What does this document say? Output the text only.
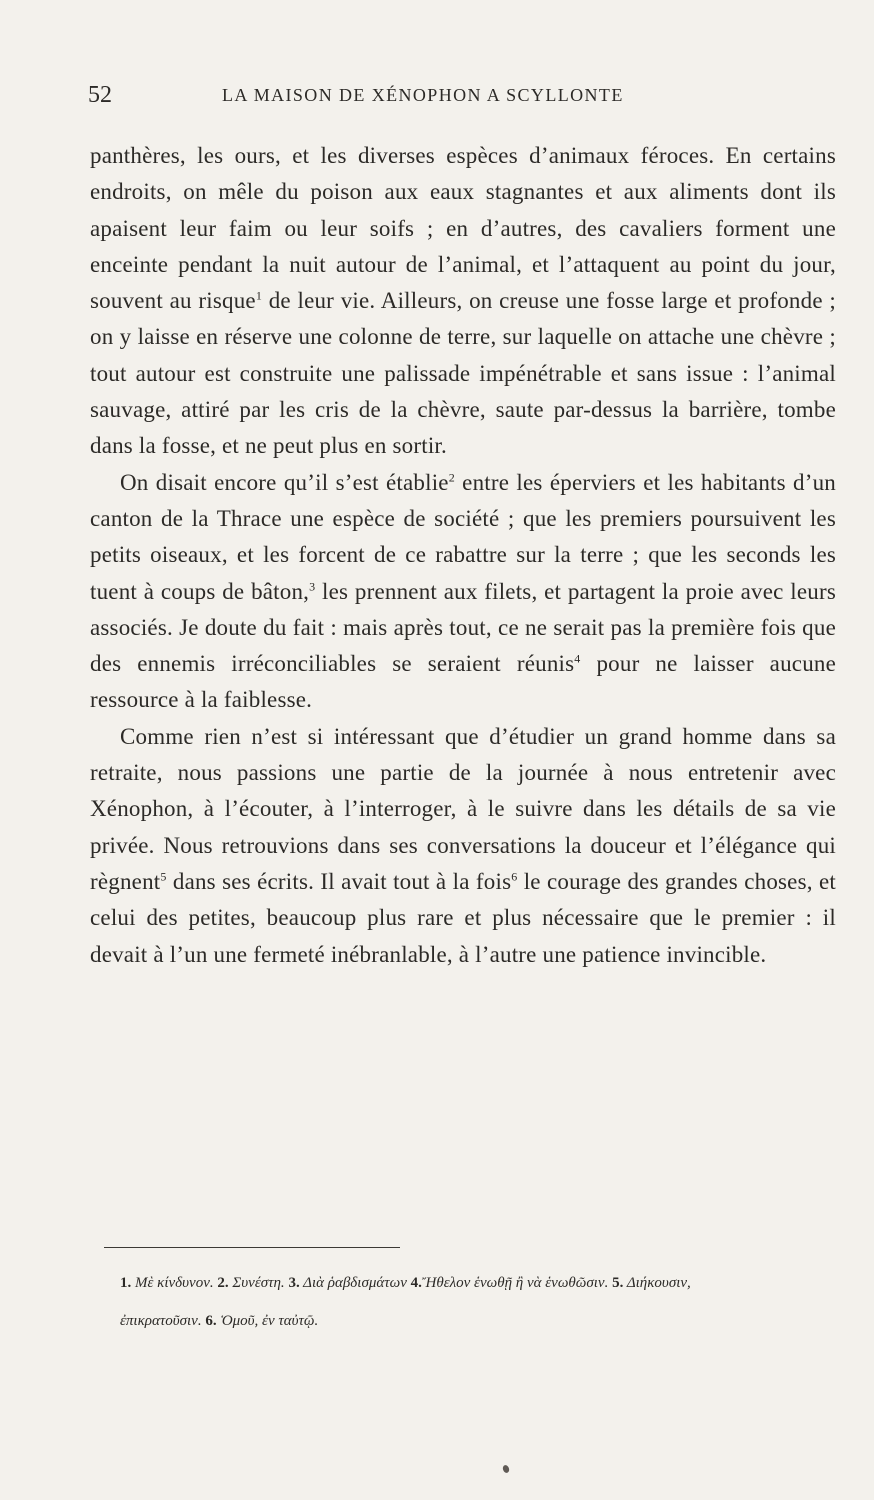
52	LA MAISON DE XÉNOPHON A SCYLLONTE

panthères, les ours, et les diverses espèces d’animaux féroces. En certains endroits, on mêle du poison aux eaux stagnantes et aux aliments dont ils apaisent leur faim ou leur soifs ; en d’autres, des cavaliers forment une enceinte pendant la nuit autour de l’animal, et l’attaquent au point du jour, souvent au risque$^1$ de leur vie. Ailleurs, on creuse une fosse large et profonde ; on y laisse en réserve une colonne de terre, sur laquelle on attache une chèvre ; tout autour est construite une palissade impénétrable et sans issue : l’animal sauvage, attiré par les cris de la chèvre, saute par-dessus la barrière, tombe dans la fosse, et ne peut plus en sortir.

On disait encore qu’il s’est établie$^2$ entre les éperviers et les habitants d’un canton de la Thrace une espèce de société ; que les premiers poursuivent les petits oiseaux, et les forcent de ce rabattre sur la terre ; que les seconds les tuent à coups de bâton,$^3$ les prennent aux filets, et partagent la proie avec leurs associés. Je doute du fait : mais après tout, ce ne serait pas la première fois que des ennemis irréconciliables se seraient réunis$^4$ pour ne laisser aucune ressource à la faiblesse.

Comme rien n’est si intéressant que d’étudier un grand homme dans sa retraite, nous passions une partie de la journée à nous entretenir avec Xénophon, à l’écouter, à l’interroger, à le suivre dans les détails de sa vie privée. Nous retrouvions dans ses conversations la douceur et l’élégance qui règnent$^5$ dans ses écrits. Il avait tout à la fois$^6$ le courage des grandes choses, et celui des petites, beaucoup plus rare et plus nécessaire que le premier : il devait à l’un une fermeté inébranlable, à l’autre une patience invincible.

1. Μὲ κίνδυνον. 2. Συνέστη. 3. Διὰ ῥαβδισμάτων 4.Ἤθελον ἑνωθῇ ἢ νὰ ἑνωθῶσιν. 5. Διήκουσιν,
ἐπικρατοῦσιν. 6. Ὁμοῦ, ἐν ταὐτῷ.
